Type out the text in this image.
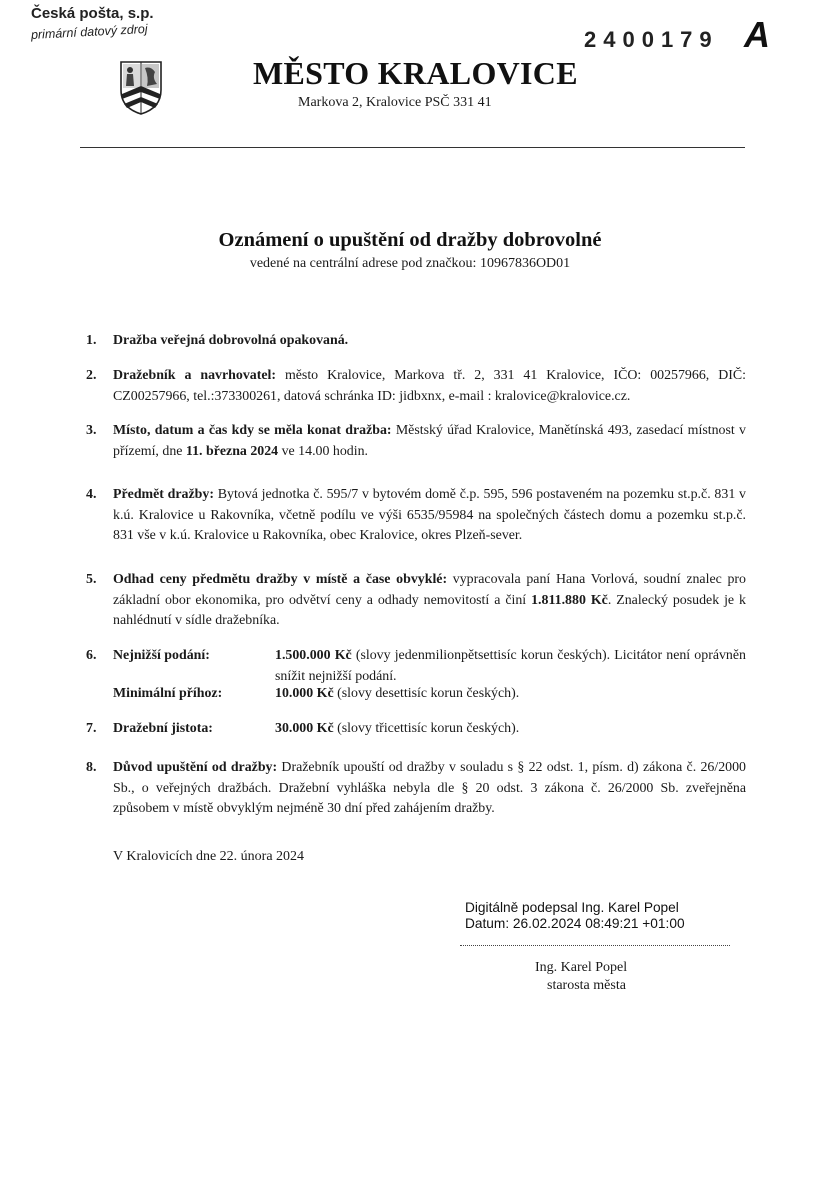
Česká pošta, s.p.
primární datový zdroj	2400179 A
MĚSTO KRALOVICE
Markova 2, Kralovice PSČ 331 41
Oznámení o upuštění od dražby dobrovolné
vedené na centrální adrese pod značkou: 10967836OD01
1. Dražba veřejná dobrovolná opakovaná.
2. Dražebník a navrhovatel: město Kralovice, Markova tř. 2, 331 41 Kralovice, IČO: 00257966, DIČ: CZ00257966, tel.:373300261, datová schránka ID: jidbxnx, e-mail : kralovice@kralovice.cz.
3. Místo, datum a čas kdy se měla konat dražba: Městský úřad Kralovice, Manětínská 493, zasedací místnost v přízemí, dne 11. března 2024 ve 14.00 hodin.
4. Předmět dražby: Bytová jednotka č. 595/7 v bytovém domě č.p. 595, 596 postaveném na pozemku st.p.č. 831 v k.ú. Kralovice u Rakovníka, včetně podílu ve výši 6535/95984 na společných částech domu a pozemku st.p.č. 831 vše v k.ú. Kralovice u Rakovníka, obec Kralovice, okres Plzeň-sever.
5. Odhad ceny předmětu dražby v místě a čase obvyklé: vypracovala paní Hana Vorlová, soudní znalec pro základní obor ekonomika, pro odvětví ceny a odhady nemovitostí a činí 1.811.880 Kč. Znalecký posudek je k nahlédnutí v sídle dražebníka.
6. Nejnižší podání:	1.500.000 Kč (slovy jedenmilionpětsettisíc korun českých). Licitátor není oprávněn snížit nejnižší podání.
Minimální příhoz:	10.000 Kč (slovy desettisíc korun českých).
7. Dražební jistota:	30.000 Kč (slovy třicettisíc korun českých).
8. Důvod upuštění od dražby: Dražebník upouští od dražby v souladu s § 22 odst. 1, písm. d) zákona č. 26/2000 Sb., o veřejných dražbách. Dražební vyhláška nebyla dle § 20 odst. 3 zákona č. 26/2000 Sb. zveřejněna způsobem v místě obvyklým nejméně 30 dní před zahájením dražby.
V Kralovicích dne 22. února 2024
Digitálně podepsal Ing. Karel Popel
Datum: 26.02.2024 08:49:21 +01:00
Ing. Karel Popel
starosta města
